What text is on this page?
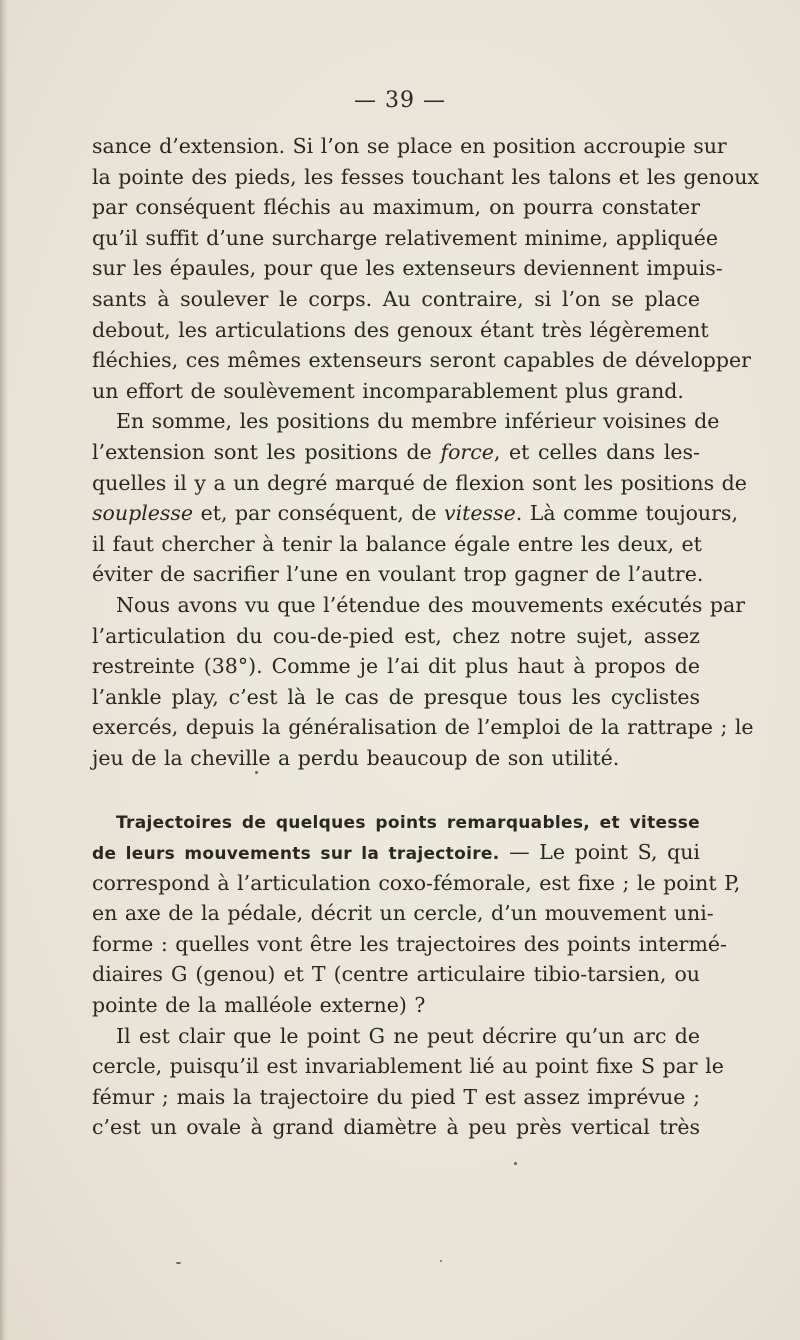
— 39 —
sance d’extension. Si l’on se place en position accroupie sur
la pointe des pieds, les fesses touchant les talons et les genoux
par conséquent fléchis au maximum, on pourra constater
qu’il suffit d’une surcharge relativement minime, appliquée
sur les épaules, pour que les extenseurs deviennent impuis-
sants à soulever le corps. Au contraire, si l’on se place
debout, les articulations des genoux étant très légèrement
fléchies, ces mêmes extenseurs seront capables de développer
un effort de soulèvement incomparablement plus grand.
En somme, les positions du membre inférieur voisines de
l’extension sont les positions de force, et celles dans les-
quelles il y a un degré marqué de flexion sont les positions de
souplesse et, par conséquent, de vitesse. Là comme toujours,
il faut chercher à tenir la balance égale entre les deux, et
éviter de sacrifier l’une en voulant trop gagner de l’autre.
Nous avons vu que l’étendue des mouvements exécutés par
l’articulation du cou-de-pied est, chez notre sujet, assez
restreinte (38°). Comme je l’ai dit plus haut à propos de
l’ankle play, c’est là le cas de presque tous les cyclistes
exercés, depuis la généralisation de l’emploi de la rattrape ; le
jeu de la cheville a perdu beaucoup de son utilité.
Trajectoires de quelques points remarquables, et vitesse
de leurs mouvements sur la trajectoire. — Le point S, qui
correspond à l’articulation coxo-fémorale, est fixe ; le point P,
en axe de la pédale, décrit un cercle, d’un mouvement uni-
forme : quelles vont être les trajectoires des points intermé-
diaires G (genou) et T (centre articulaire tibio-tarsien, ou
pointe de la malléole externe) ?
Il est clair que le point G ne peut décrire qu’un arc de
cercle, puisqu’il est invariablement lié au point fixe S par le
fémur ; mais la trajectoire du pied T est assez imprévue ;
c’est un ovale à grand diamètre à peu près vertical très
